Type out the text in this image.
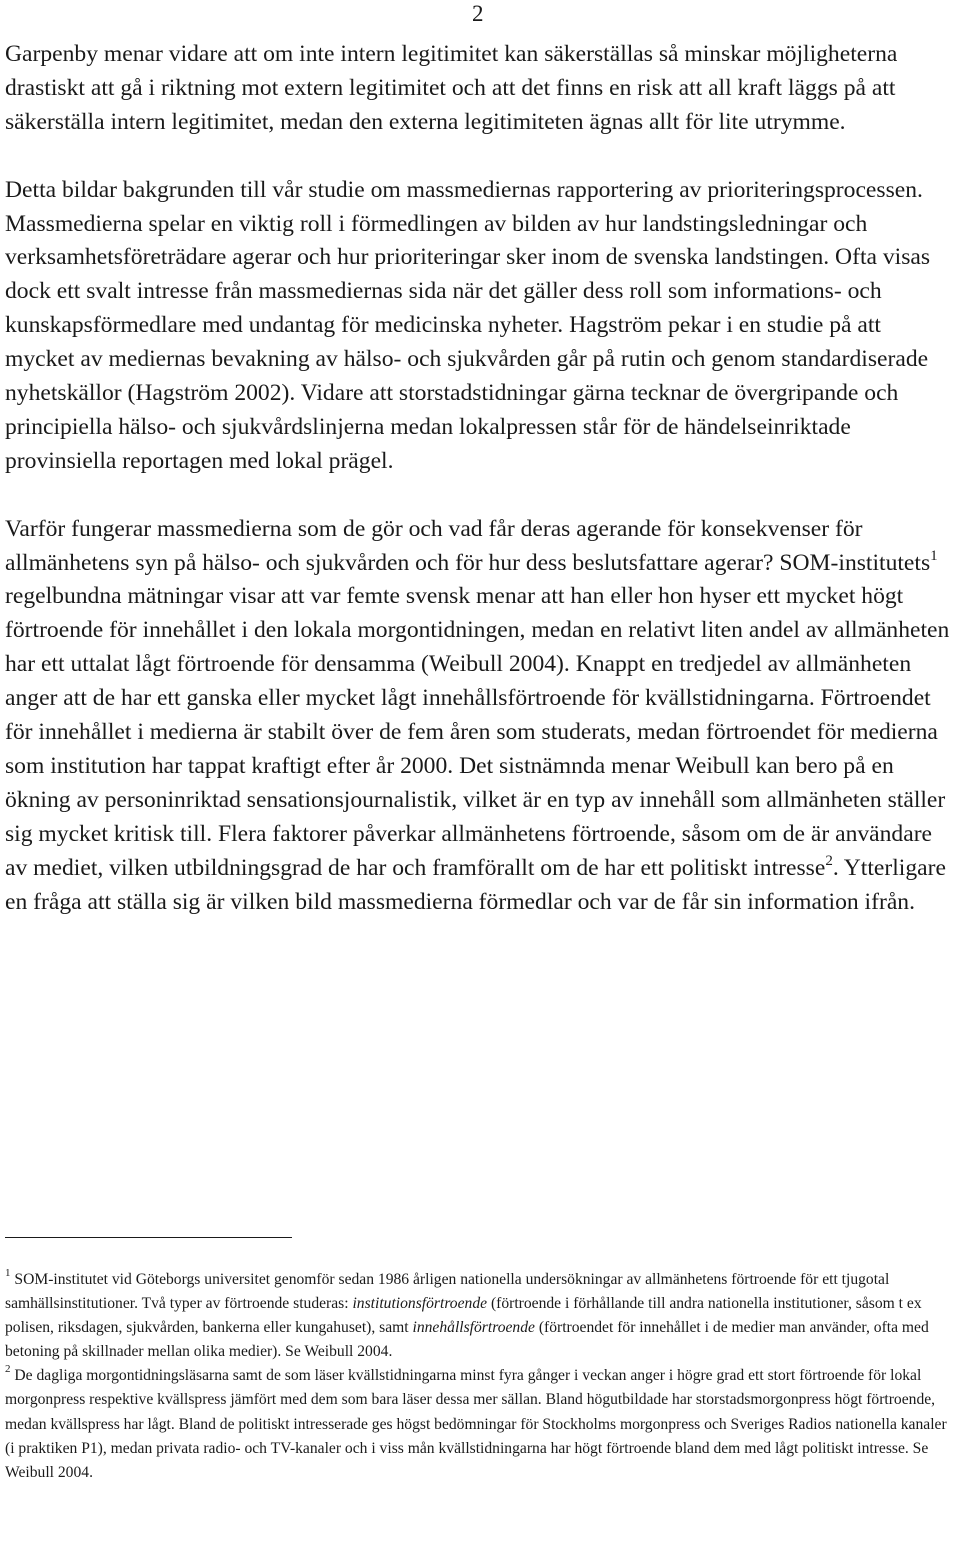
2

Garpenby menar vidare att om inte intern legitimitet kan säkerställas så minskar möjligheterna drastiskt att gå i riktning mot extern legitimitet och att det finns en risk att all kraft läggs på att säkerställa intern legitimitet, medan den externa legitimiteten ägnas allt för lite utrymme.

Detta bildar bakgrunden till vår studie om massmediernas rapportering av prioriteringsprocessen. Massmedierna spelar en viktig roll i förmedlingen av bilden av hur landstingsledningar och verksamhetsföreträdare agerar och hur prioriteringar sker inom de svenska landstingen. Ofta visas dock ett svalt intresse från massmediernas sida när det gäller dess roll som informations- och kunskapsförmedlare med undantag för medicinska nyheter. Hagström pekar i en studie på att mycket av mediernas bevakning av hälso- och sjukvården går på rutin och genom standardiserade nyhetskällor (Hagström 2002). Vidare att storstadstidningar gärna tecknar de övergripande och principiella hälso- och sjukvårdslinjerna medan lokalpressen står för de händelseinriktade provinsiella reportagen med lokal prägel.

Varför fungerar massmedierna som de gör och vad får deras agerande för konsekvenser för allmänhetens syn på hälso- och sjukvården och för hur dess beslutsfattare agerar? SOM-institutets$^1$ regelbundna mätningar visar att var femte svensk menar att han eller hon hyser ett mycket högt förtroende för innehållet i den lokala morgontidningen, medan en relativt liten andel av allmänheten har ett uttalat lågt förtroende för densamma (Weibull 2004). Knappt en tredjedel av allmänheten anger att de har ett ganska eller mycket lågt innehållsförtroende för kvällstidningarna. Förtroendet för innehållet i medierna är stabilt över de fem åren som studerats, medan förtroendet för medierna som institution har tappat kraftigt efter år 2000. Det sistnämnda menar Weibull kan bero på en ökning av personinriktad sensationsjournalistik, vilket är en typ av innehåll som allmänheten ställer sig mycket kritisk till. Flera faktorer påverkar allmänhetens förtroende, såsom om de är användare av mediet, vilken utbildningsgrad de har och framförallt om de har ett politiskt intresse$^2$. Ytterligare en fråga att ställa sig är vilken bild massmedierna förmedlar och var de får sin information ifrån.

$^1$ SOM-institutet vid Göteborgs universitet genomför sedan 1986 årligen nationella undersökningar av allmänhetens förtroende för ett tjugotal samhällsinstitutioner. Två typer av förtroende studeras: institutionsförtroende (förtroende i förhållande till andra nationella institutioner, såsom t ex polisen, riksdagen, sjukvården, bankerna eller kungahuset), samt innehållsförtroende (förtroendet för innehållet i de medier man använder, ofta med betoning på skillnader mellan olika medier). Se Weibull 2004.

$^2$ De dagliga morgontidningsläsarna samt de som läser kvällstidningarna minst fyra gånger i veckan anger i högre grad ett stort förtroende för lokal morgonpress respektive kvällspress jämfört med dem som bara läser dessa mer sällan. Bland högutbildade har storstadsmorgonpress högt förtroende, medan kvällspress har lågt. Bland de politiskt intresserade ges högst bedömningar för Stockholms morgonpress och Sveriges Radios nationella kanaler (i praktiken P1), medan privata radio- och TV-kanaler och i viss mån kvällstidningarna har högt förtroende bland dem med lågt politiskt intresse. Se Weibull 2004.
